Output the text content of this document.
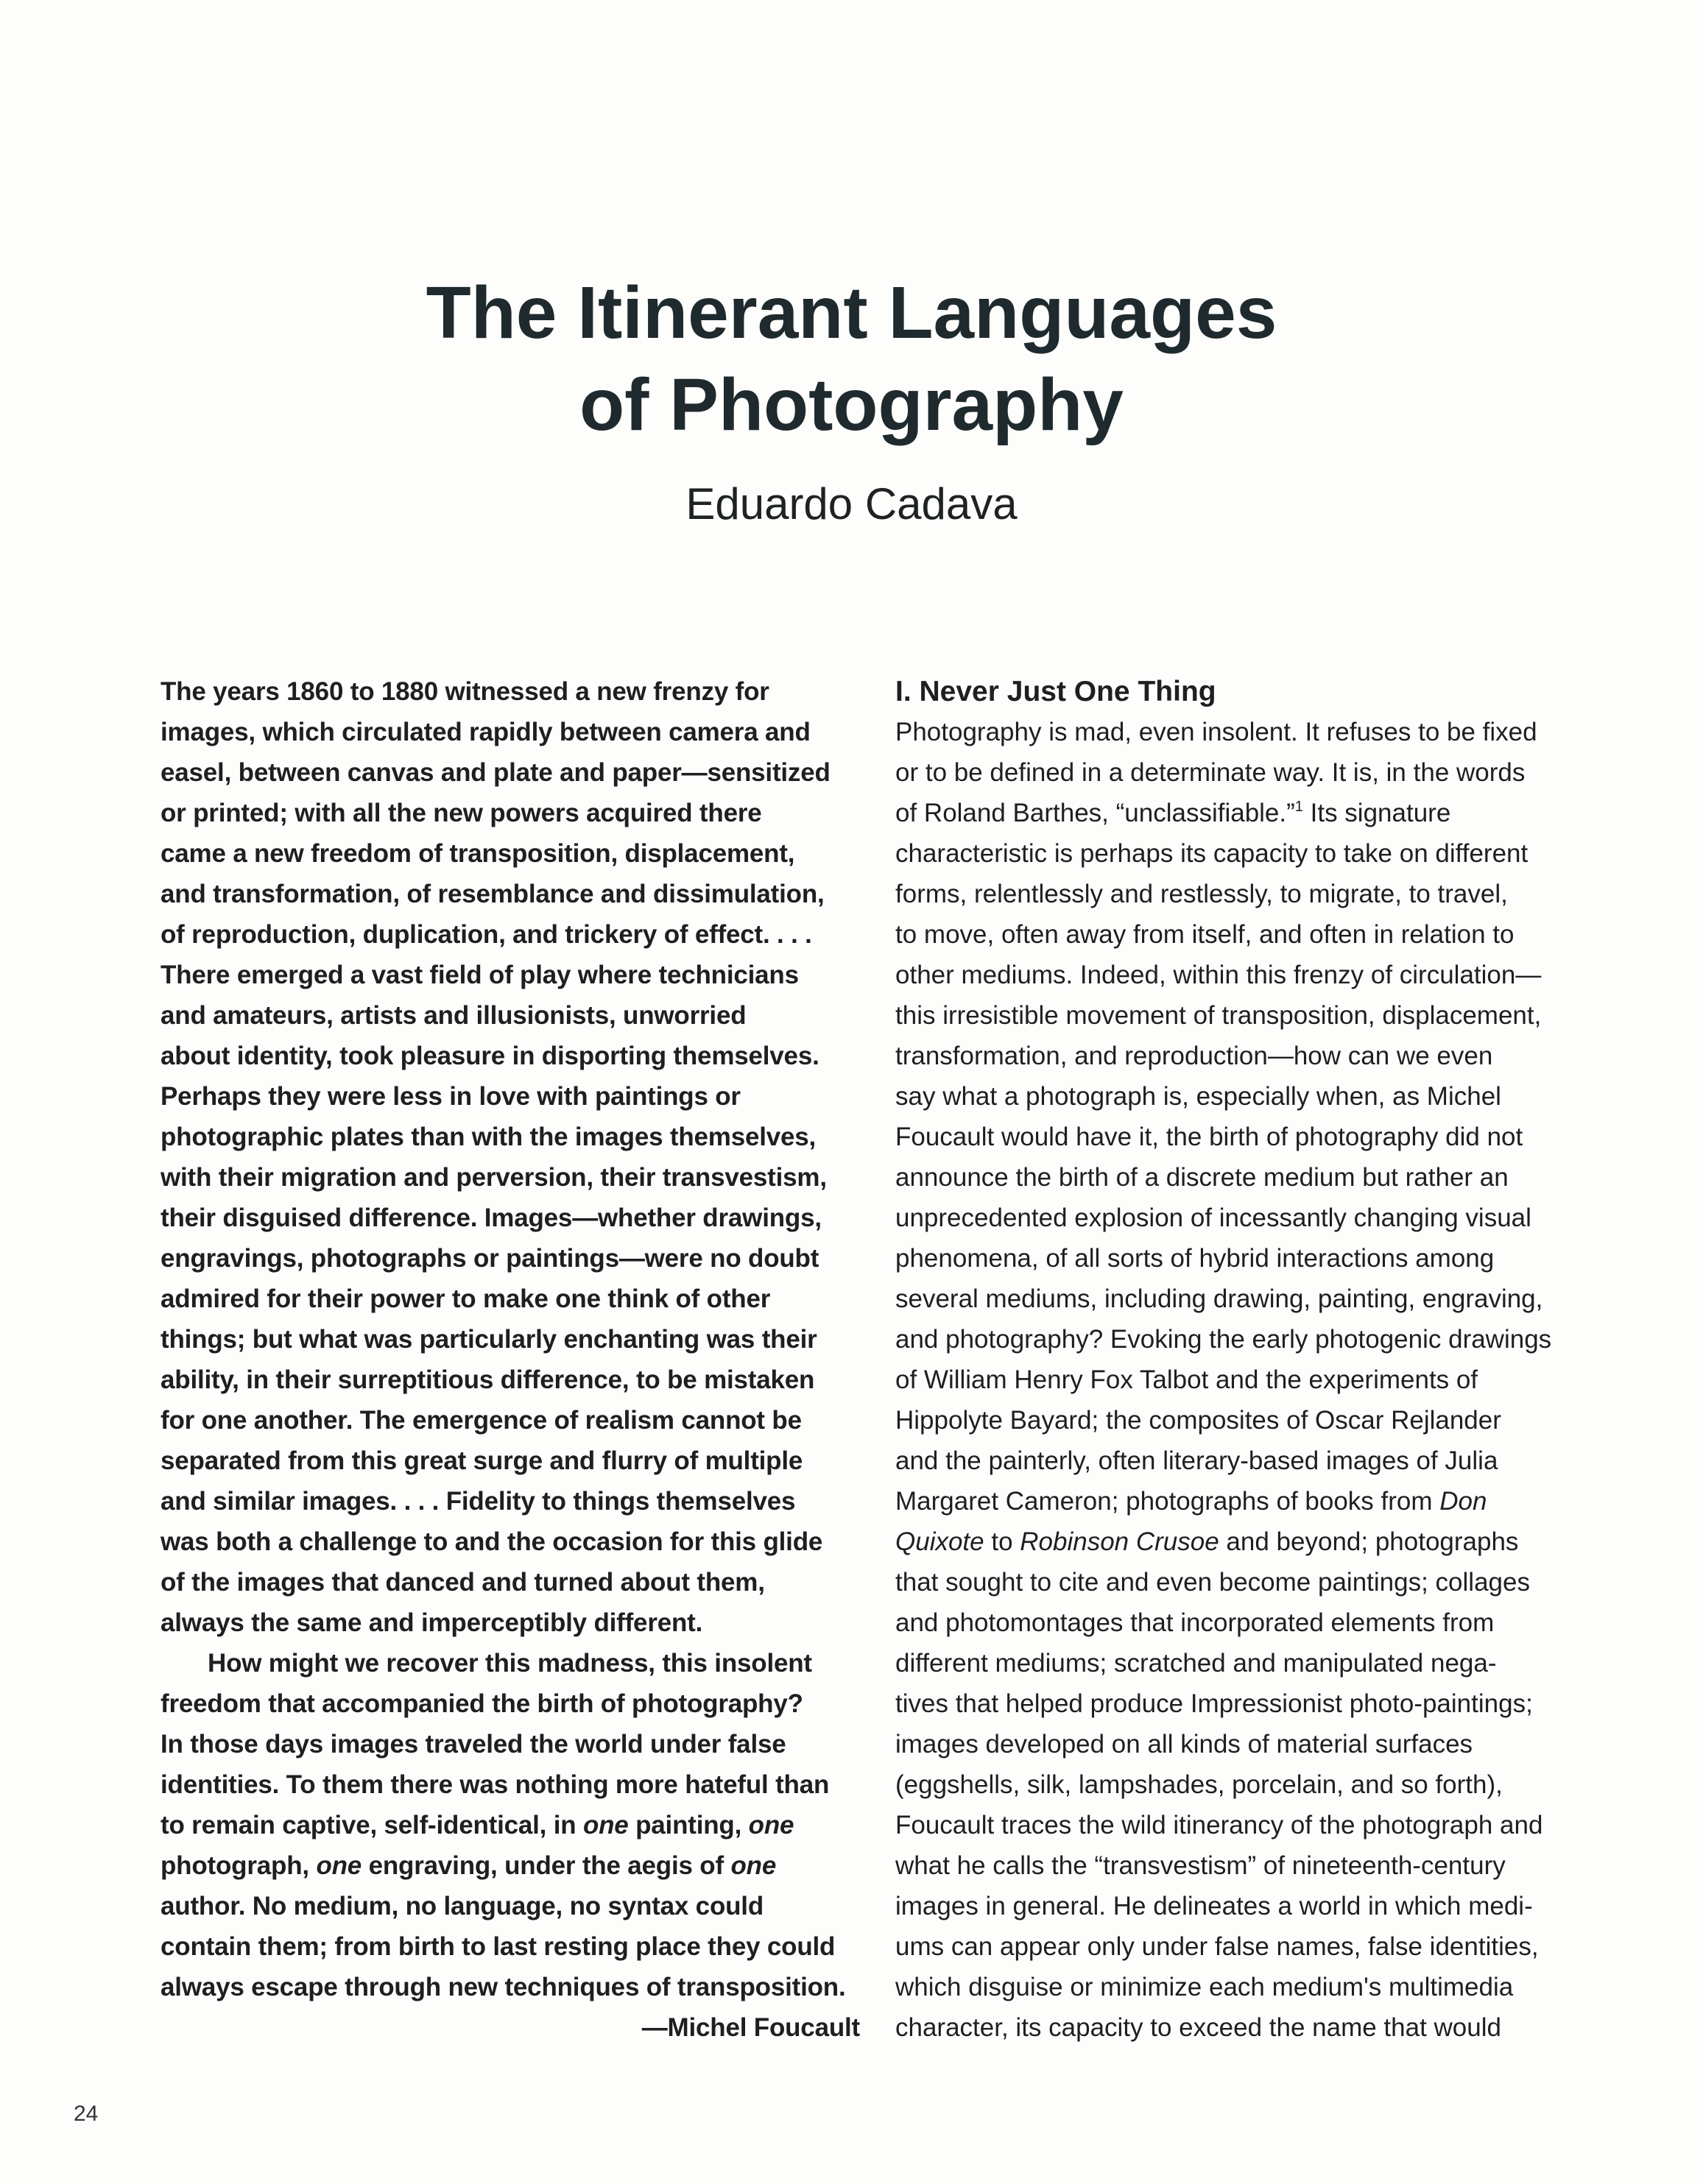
The Itinerant Languages
of Photography
Eduardo Cadava
The years 1860 to 1880 witnessed a new frenzy for
images, which circulated rapidly between camera and
easel, between canvas and plate and paper—sensitized
or printed; with all the new powers acquired there
came a new freedom of transposition, displacement,
and transformation, of resemblance and dissimulation,
of reproduction, duplication, and trickery of effect. . . .
There emerged a vast field of play where technicians
and amateurs, artists and illusionists, unworried
about identity, took pleasure in disporting themselves.
Perhaps they were less in love with paintings or
photographic plates than with the images themselves,
with their migration and perversion, their transvestism,
their disguised difference. Images—whether drawings,
engravings, photographs or paintings—were no doubt
admired for their power to make one think of other
things; but what was particularly enchanting was their
ability, in their surreptitious difference, to be mistaken
for one another. The emergence of realism cannot be
separated from this great surge and flurry of multiple
and similar images. . . . Fidelity to things themselves
was both a challenge to and the occasion for this glide
of the images that danced and turned about them,
always the same and imperceptibly different.
How might we recover this madness, this insolent
freedom that accompanied the birth of photography?
In those days images traveled the world under false
identities. To them there was nothing more hateful than
to remain captive, self-identical, in one painting, one
photograph, one engraving, under the aegis of one
author. No medium, no language, no syntax could
contain them; from birth to last resting place they could
always escape through new techniques of transposition.
—Michel Foucault
I. Never Just One Thing
Photography is mad, even insolent. It refuses to be fixed
or to be defined in a determinate way. It is, in the words
of Roland Barthes, “unclassifiable.”$^1$ Its signature
characteristic is perhaps its capacity to take on different
forms, relentlessly and restlessly, to migrate, to travel,
to move, often away from itself, and often in relation to
other mediums. Indeed, within this frenzy of circulation—
this irresistible movement of transposition, displacement,
transformation, and reproduction—how can we even
say what a photograph is, especially when, as Michel
Foucault would have it, the birth of photography did not
announce the birth of a discrete medium but rather an
unprecedented explosion of incessantly changing visual
phenomena, of all sorts of hybrid interactions among
several mediums, including drawing, painting, engraving,
and photography? Evoking the early photogenic drawings
of William Henry Fox Talbot and the experiments of
Hippolyte Bayard; the composites of Oscar Rejlander
and the painterly, often literary-based images of Julia
Margaret Cameron; photographs of books from Don
Quixote to Robinson Crusoe and beyond; photographs
that sought to cite and even become paintings; collages
and photomontages that incorporated elements from
different mediums; scratched and manipulated nega-
tives that helped produce Impressionist photo-paintings;
images developed on all kinds of material surfaces
(eggshells, silk, lampshades, porcelain, and so forth),
Foucault traces the wild itinerancy of the photograph and
what he calls the “transvestism” of nineteenth-century
images in general. He delineates a world in which medi-
ums can appear only under false names, false identities,
which disguise or minimize each medium's multimedia
character, its capacity to exceed the name that would
24
